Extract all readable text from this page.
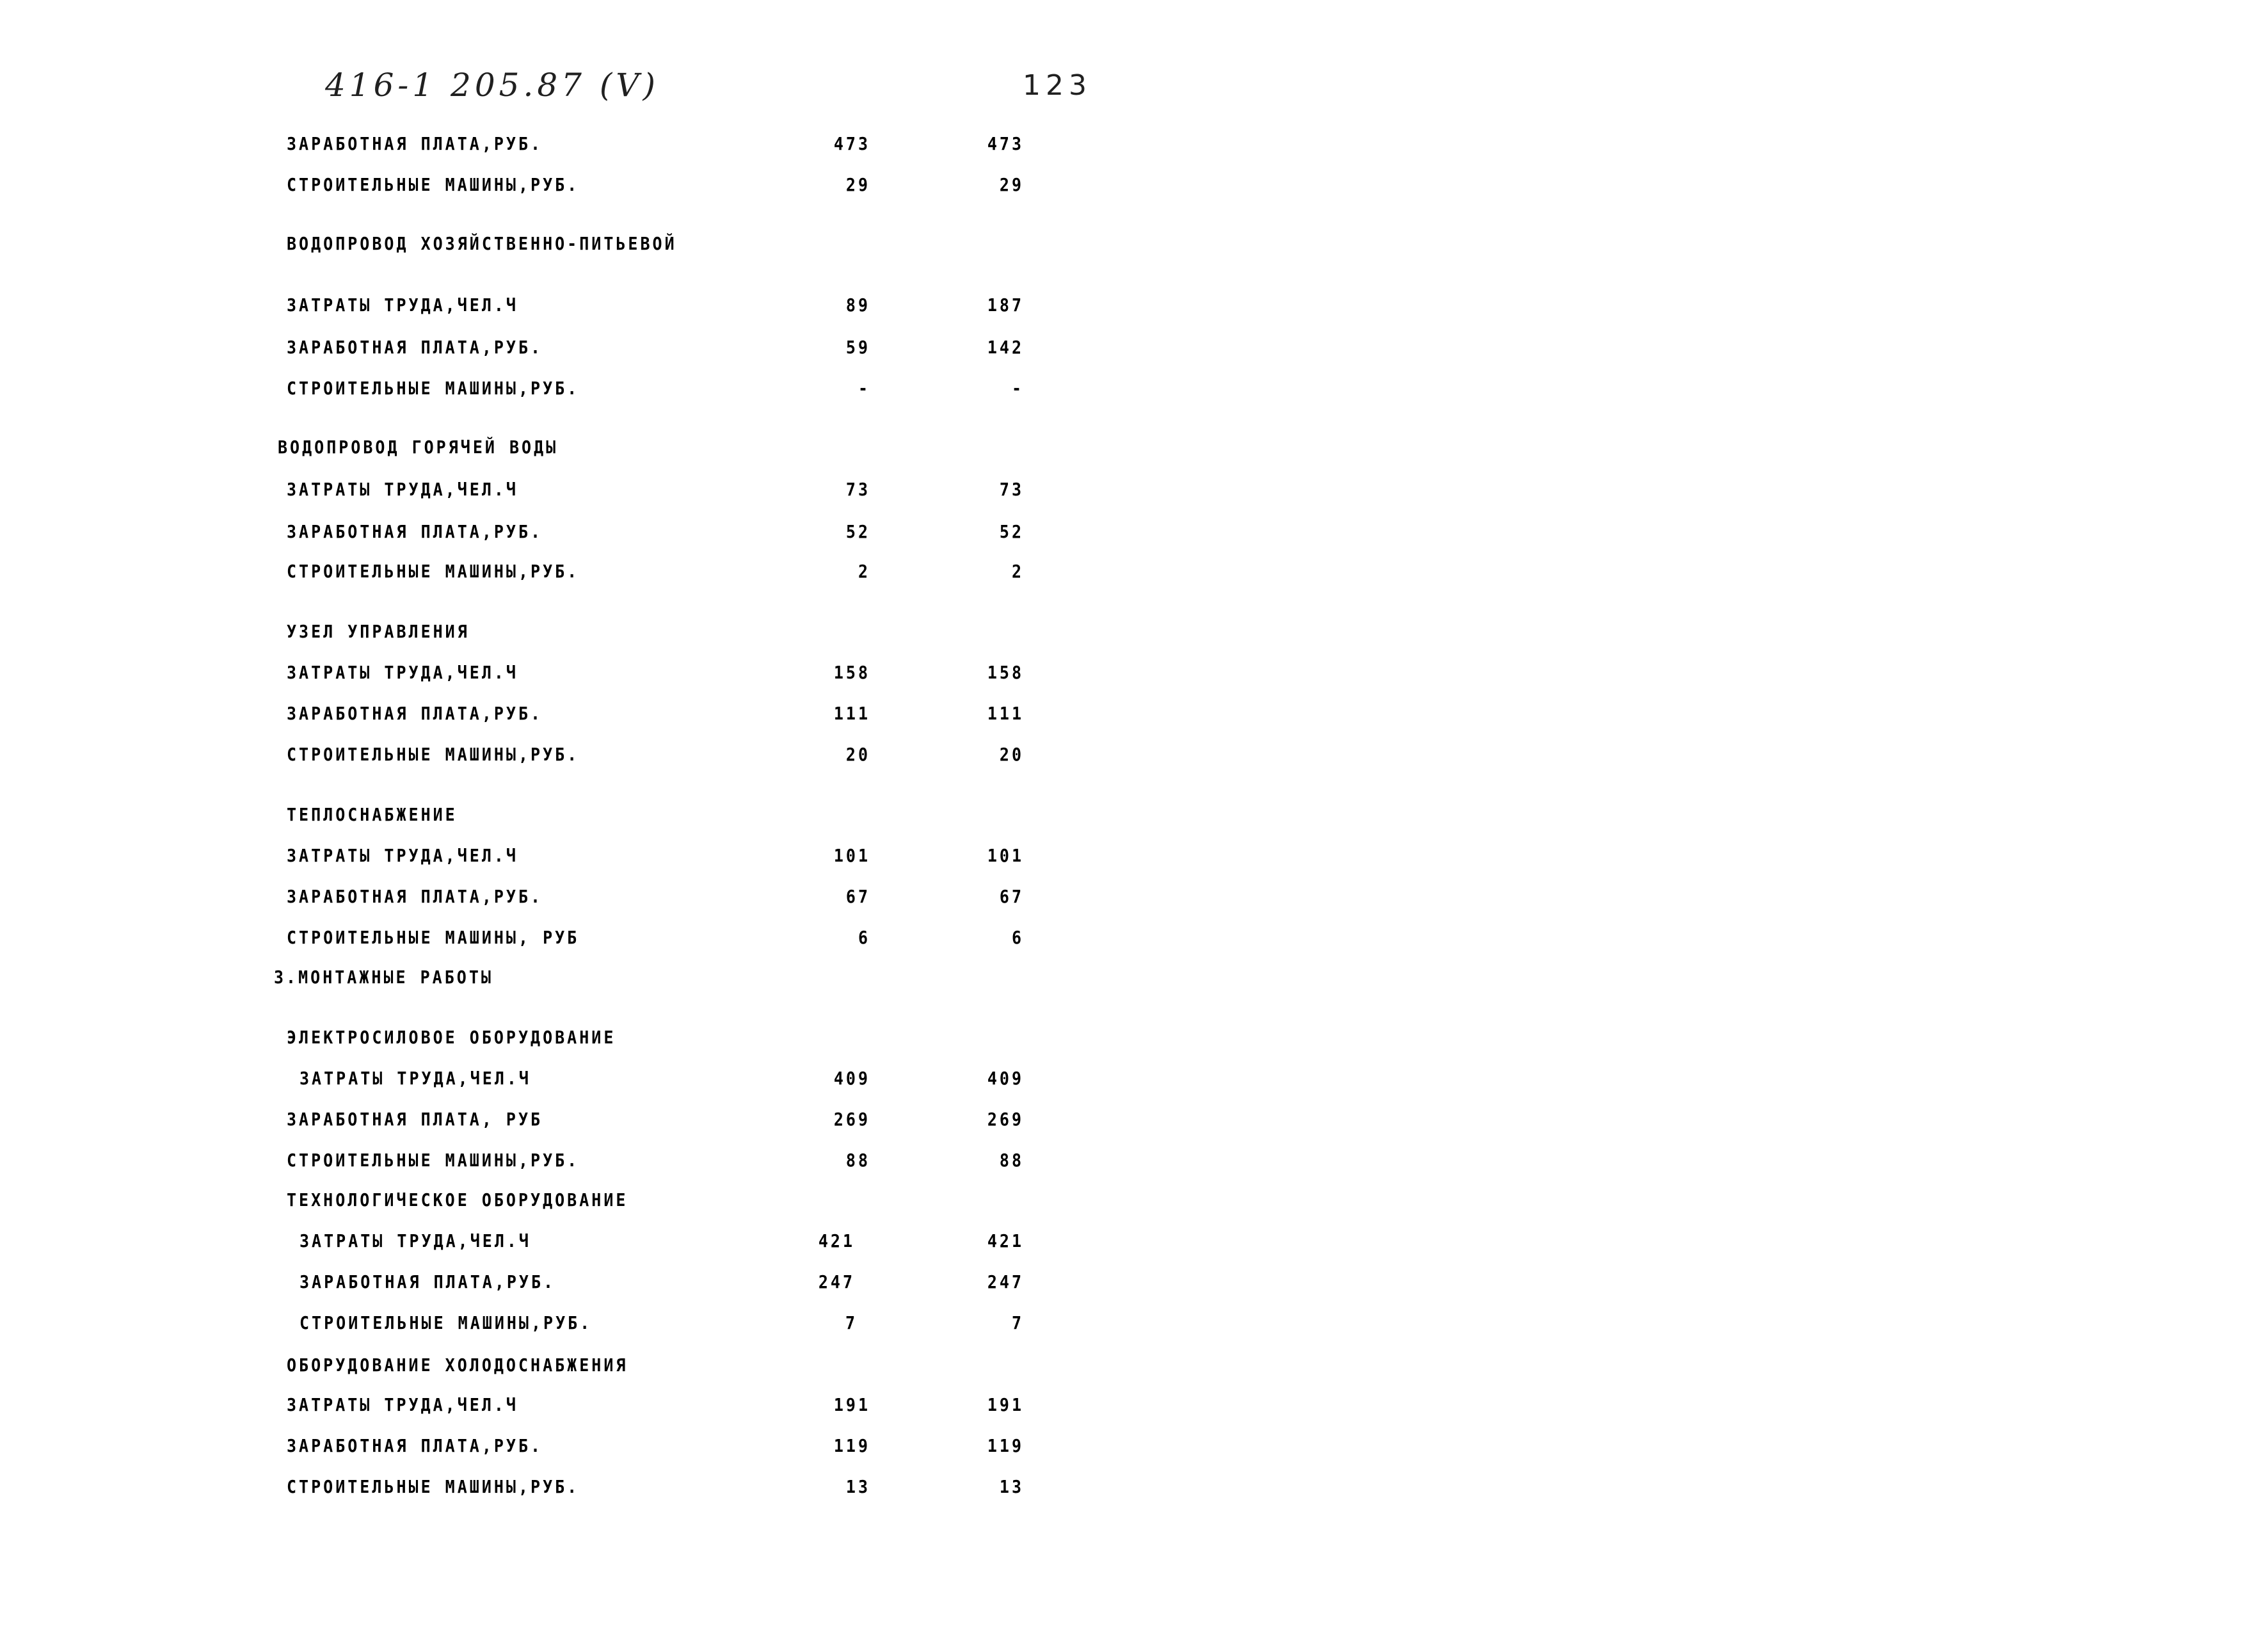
416-1 205.87 (V)	123
ЗАРАБОТНАЯ ПЛАТА,РУБ.	473	473
СТРОИТЕЛЬНЫЕ МАШИНЫ,РУБ.	29	29
ВОДОПРОВОД ХОЗЯЙСТВЕННО-ПИТЬЕВОЙ
ЗАТРАТЫ ТРУДА,ЧЕЛ.Ч	89	187
ЗАРАБОТНАЯ ПЛАТА,РУБ.	59	142
СТРОИТЕЛЬНЫЕ МАШИНЫ,РУБ.	-	-
ВОДОПРОВОД ГОРЯЧЕЙ ВОДЫ
ЗАТРАТЫ ТРУДА,ЧЕЛ.Ч	73	73
ЗАРАБОТНАЯ ПЛАТА,РУБ.	52	52
СТРОИТЕЛЬНЫЕ МАШИНЫ,РУБ.	2	2
УЗЕЛ УПРАВЛЕНИЯ
ЗАТРАТЫ ТРУДА,ЧЕЛ.Ч	158	158
ЗАРАБОТНАЯ ПЛАТА,РУБ.	111	111
СТРОИТЕЛЬНЫЕ МАШИНЫ,РУБ.	20	20
ТЕПЛОСНАБЖЕНИЕ
ЗАТРАТЫ ТРУДА,ЧЕЛ.Ч	101	101
ЗАРАБОТНАЯ ПЛАТА,РУБ.	67	67
СТРОИТЕЛЬНЫЕ МАШИНЫ, РУБ	6	6
3.МОНТАЖНЫЕ РАБОТЫ
ЭЛЕКТРОСИЛОВОЕ ОБОРУДОВАНИЕ
ЗАТРАТЫ ТРУДА,ЧЕЛ.Ч	409	409
ЗАРАБОТНАЯ ПЛАТА, РУБ	269	269
СТРОИТЕЛЬНЫЕ МАШИНЫ,РУБ.	88	88
ТЕХНОЛОГИЧЕСКОЕ ОБОРУДОВАНИЕ
ЗАТРАТЫ ТРУДА,ЧЕЛ.Ч	421	421
ЗАРАБОТНАЯ ПЛАТА,РУБ.	247	247
СТРОИТЕЛЬНЫЕ МАШИНЫ,РУБ.	7	7
ОБОРУДОВАНИЕ ХОЛОДОСНАБЖЕНИЯ
ЗАТРАТЫ ТРУДА,ЧЕЛ.Ч	191	191
ЗАРАБОТНАЯ ПЛАТА,РУБ.	119	119
СТРОИТЕЛЬНЫЕ МАШИНЫ,РУБ.	13	13
